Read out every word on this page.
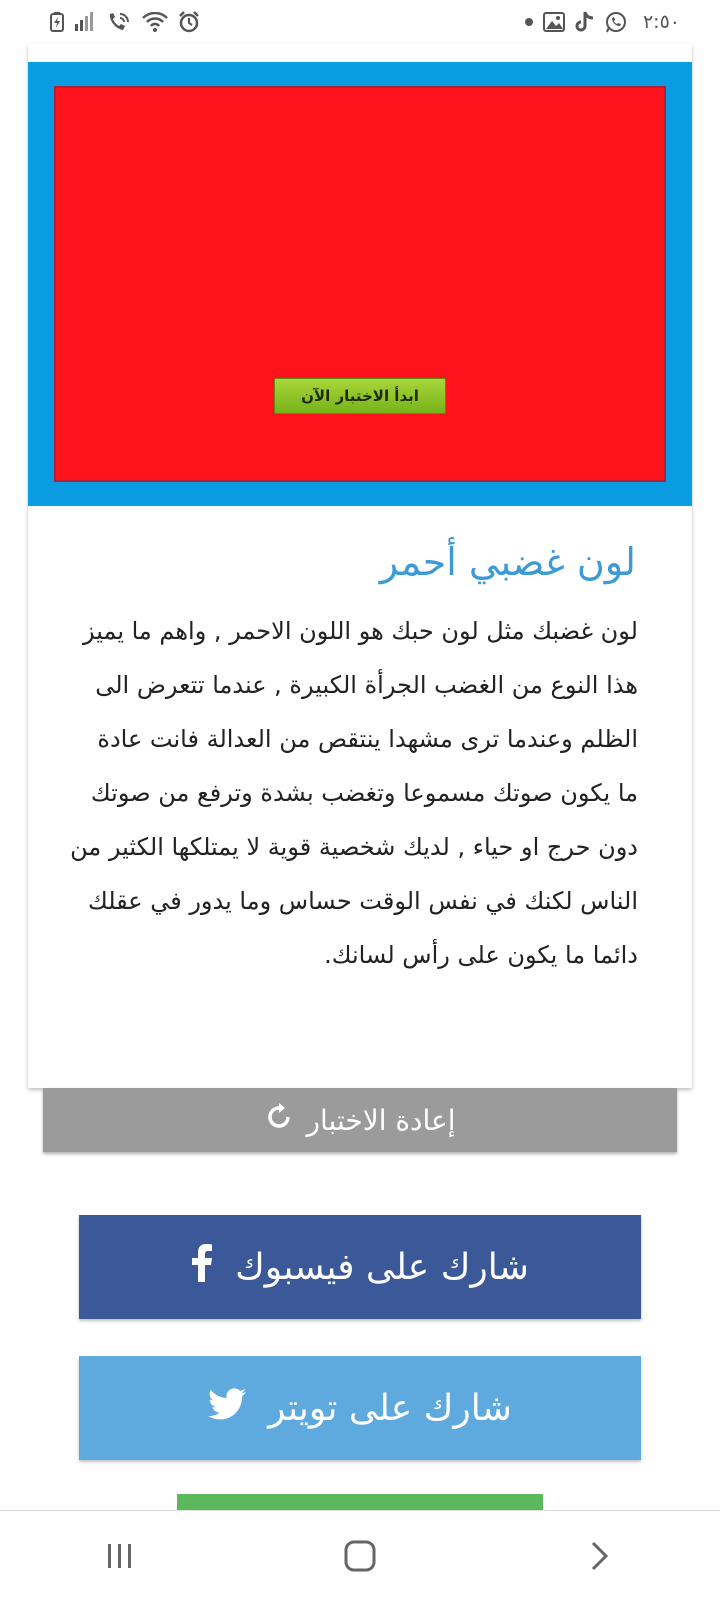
٢:٥٠
ابدأ الاختبار الآن
لون غضبي أحمر
لون غضبك مثل لون حبك هو اللون الاحمر , واهم ما يميز هذا النوع من الغضب الجرأة الكبيرة , عندما تتعرض الى الظلم وعندما ترى مشهدا ينتقص من العدالة فانت عادة ما يكون صوتك مسموعا وتغضب بشدة وترفع من صوتك دون حرج او حياء , لديك شخصية قوية لا يمتلكها الكثير من الناس لكنك في نفس الوقت حساس وما يدور في عقلك دائما ما يكون على رأس لسانك.
إعادة الاختبار
شارك على فيسبوك
شارك على تويتر
